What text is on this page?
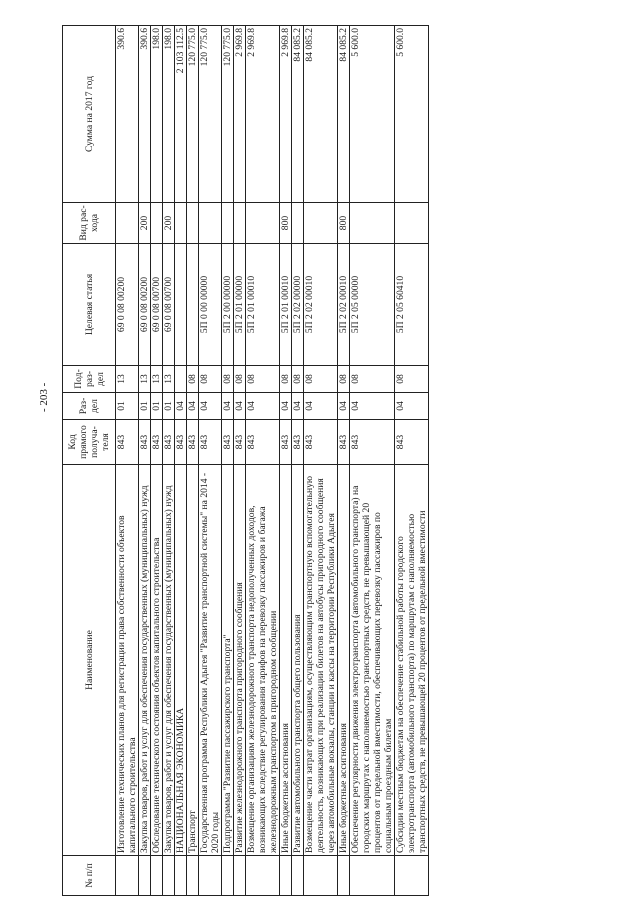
- 203 -
№ п/п	Наименование	Код прямого получа-теля	Раз-дел	Под-раз-дел	Целевая статья	Вид рас-хода	Сумма на 2017 год
	Изготовление технических планов для регистрации права собственности объектов капитального строительства	843	01	13	69 0 08 00200		390.6
	Закупка товаров, работ и услуг для обеспечения государственных (муниципальных) нужд	843	01	13	69 0 08 00200	200	390.6
	Обследование технического состояния объектов капитального строительства	843	01	13	69 0 08 00700		198.0
	Закупка товаров, работ и услуг для обеспечения государственных (муниципальных) нужд	843	01	13	69 0 08 00700	200	198.0
	НАЦИОНАЛЬНАЯ ЭКОНОМИКА	843	04				2 103 112.5
	Транспорт	843	04	08			120 775.0
	Государственная программа Республики Адыгея "Развитие транспортной системы" на 2014 - 2020 годы	843	04	08	5П 0 00 00000		120 775.0
	Подпрограмма "Развитие пассажирского транспорта"	843	04	08	5П 2 00 00000		120 775.0
	Развитие железнодорожного транспорта пригородного сообщения	843	04	08	5П 2 01 00000		2 969.8
	Возмещение организациям железнодорожного транспорта недополученных доходов, возникающих вследствие регулирования тарифов на перевозку пассажиров и багажа железнодорожным транспортом в пригородном сообщении	843	04	08	5П 2 01 00010		2 969.8
	Иные бюджетные ассигнования	843	04	08	5П 2 01 00010	800	2 969.8
	Развитие автомобильного транспорта общего пользования	843	04	08	5П 2 02 00000		84 085.2
	Возмещение части затрат организациям, осуществляющим транспортную вспомогательную деятельность, возникающих при реализации билетов на автобусы пригородного сообщения через автомобильные вокзалы, станции и кассы на территории Республики Адыгея	843	04	08	5П 2 02 00010		84 085.2
	Иные бюджетные ассигнования	843	04	08	5П 2 02 00010	800	84 085.2
	Обеспечение регулярности движения электротранспорта (автомобильного транспорта) на городских маршрутах с наполняемостью транспортных средств, не превышающей 20 процентов от предельной вместимости, обеспечивающих перевозку пассажиров по социальным проездным билетам	843	04	08	5П 2 05 00000		5 600.0
	Субсидии местным бюджетам на обеспечение стабильной работы городского электротранспорта (автомобильного транспорта) по маршрутам с наполняемостью транспортных средств, не превышающей 20 процентов от предельной вместимости	843	04	08	5П 2 05 60410		5 600.0
